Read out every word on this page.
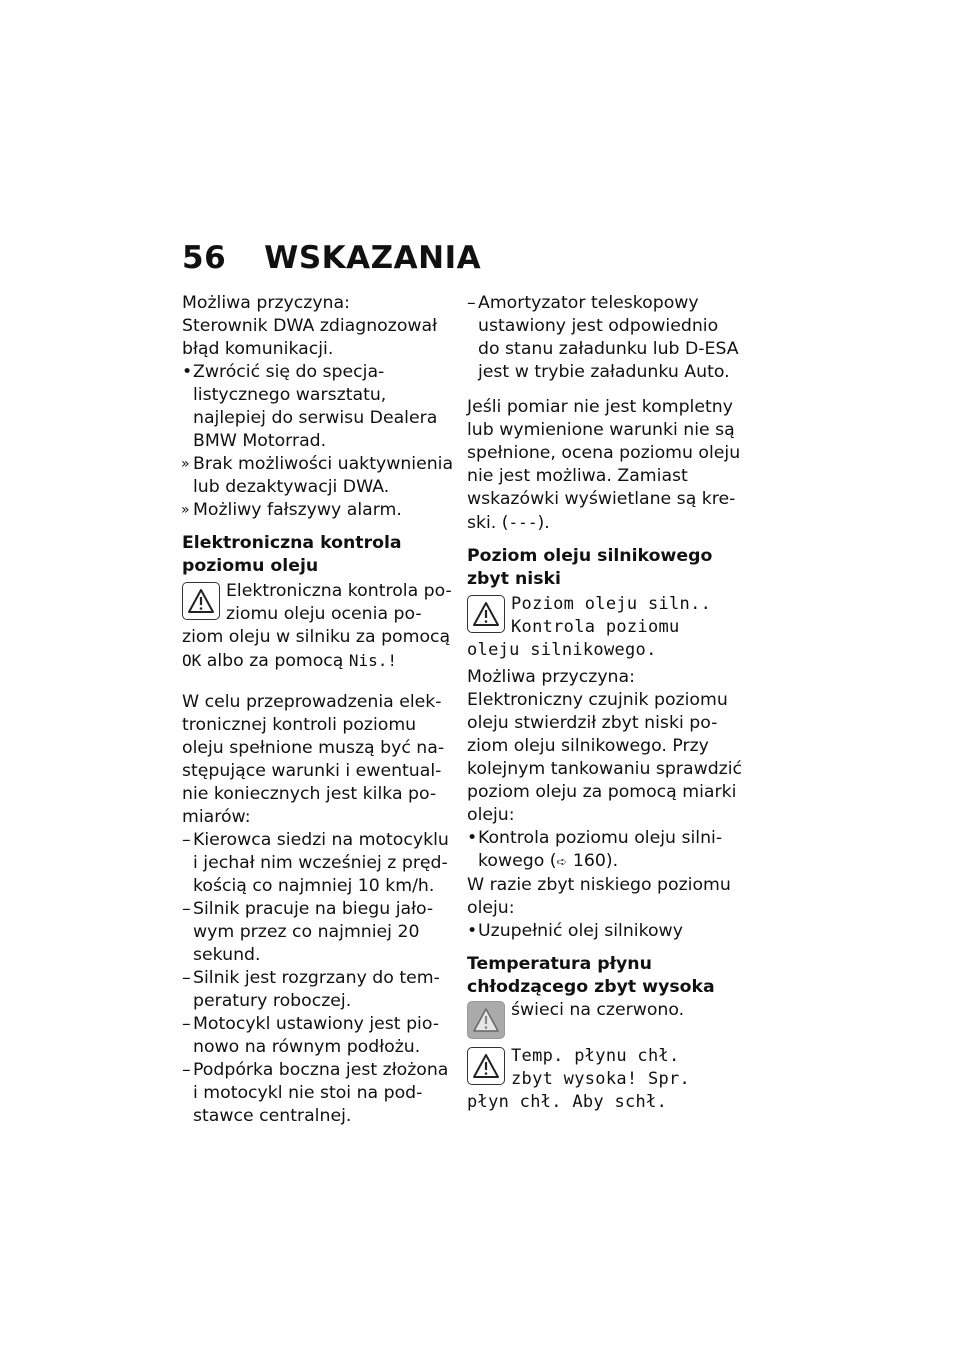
56 WSKAZANIA

Możliwa przyczyna:

Sterownik DWA zdiagnozował błąd komunikacji.

• Zwrócić się do specja-listycznego warsztatu, najlepiej do serwisu Dealera BMW Motorrad.

» Brak możliwości uaktywnienia lub dezaktywacji DWA.

» Możliwy fałszywy alarm.

Elektroniczna kontrola poziomu oleju

Elektroniczna kontrola po-ziomu oleju ocenia po-ziom oleju w silniku za pomocą OK albo za pomocą Nis.!

W celu przeprowadzenia elek-tronicznej kontroli poziomu oleju spełnione muszą być na-stępujące warunki i ewentual-nie koniecznych jest kilka po-miarów:

– Kierowca siedzi na motocyklu i jechał nim wcześniej z pręd-kością co najmniej 10 km/h.

– Silnik pracuje na biegu jało-wym przez co najmniej 20 sekund.

– Silnik jest rozgrzany do tem-peratury roboczej.

– Motocykl ustawiony jest pio-nowo na równym podłożu.

– Podpórka boczna jest złożona i motocykl nie stoi na pod-stawce centralnej.

– Amortyzator teleskopowy ustawiony jest odpowiednio do stanu załadunku lub D-ESA jest w trybie załadunku Auto.

Jeśli pomiar nie jest kompletny lub wymienione warunki nie są spełnione, ocena poziomu oleju nie jest możliwa. Zamiast wskazówki wyświetlane są kre-ski. (---).

Poziom oleju silnikowego zbyt niski

Poziom oleju siln..
Kontrola poziomu
oleju silnikowego.

Możliwa przyczyna:

Elektroniczny czujnik poziomu oleju stwierdził zbyt niski po-ziom oleju silnikowego. Przy kolejnym tankowaniu sprawdzić poziom oleju za pomocą miarki oleju:

• Kontrola poziomu oleju silni-kowego (➪ 160).

W razie zbyt niskiego poziomu oleju:

• Uzupełnić olej silnikowy

Temperatura płynu chłodzącego zbyt wysoka

świeci na czerwono.

Temp. płynu chł.
zbyt wysoka! Spr.
płyn chł. Aby schł.
